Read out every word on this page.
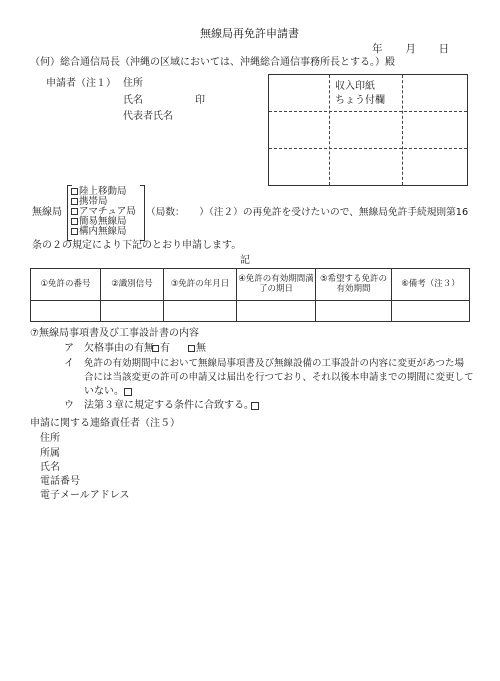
無線局再免許申請書
年 　月 　日
（何）総合通信局長（沖縄の区域においては、沖縄総合通信事務所長とする。）殿
申請者（注１） 住所
氏名	印
代表者氏名
収入印紙
ちょう付欄
無線局
陸上移動局
携帯局
アマチュア局
簡易無線局
構内無線局
（局数：　　）（注２）の再免許を受けたいので、無線局免許手続規則第16
条の２の規定により下記のとおり申請します。
記
①免許の番号	②識別信号	③免許の年月日	④免許の有効期間満了の期日	⑤希望する免許の有効期間	⑥備考（注３）

⑦無線局事項書及び工事設計書の内容
ア 欠格事由の有無 有	無
イ 免許の有効期間中において無線局事項書及び無線設備の工事設計の内容に変更があつた場
合には当該変更の許可の申請又は届出を行つており、それ以後本申請までの期間に変更して
いない。
ウ 法第３章に規定する条件に合致する。
申請に関する連絡責任者（注５）
住所
所属
氏名
電話番号
電子メールアドレス
